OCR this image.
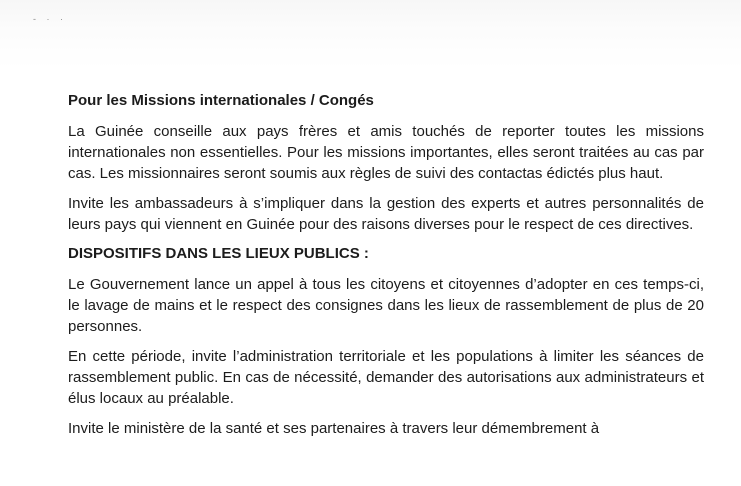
- · ·
Pour les Missions internationales / Congés

La Guinée conseille aux pays frères et amis touchés de reporter toutes les missions internationales non essentielles. Pour les missions importantes, elles seront traitées au cas par cas. Les missionnaires seront soumis aux règles de suivi des contactas édictés plus haut.

Invite les ambassadeurs à s’impliquer dans la gestion des experts et autres personnalités de leurs pays qui viennent en Guinée pour des raisons diverses pour le respect de ces directives.

DISPOSITIFS DANS LES LIEUX PUBLICS :

Le Gouvernement lance un appel à tous les citoyens et citoyennes d’adopter en ces temps-ci, le lavage de mains et le respect des consignes dans les lieux de rassemblement de plus de 20 personnes.

En cette période, invite l’administration territoriale et les populations à limiter les séances de rassemblement public. En cas de nécessité, demander des autorisations aux administrateurs et élus locaux au préalable.

Invite le ministère de la santé et ses partenaires à travers leur démembrement à
